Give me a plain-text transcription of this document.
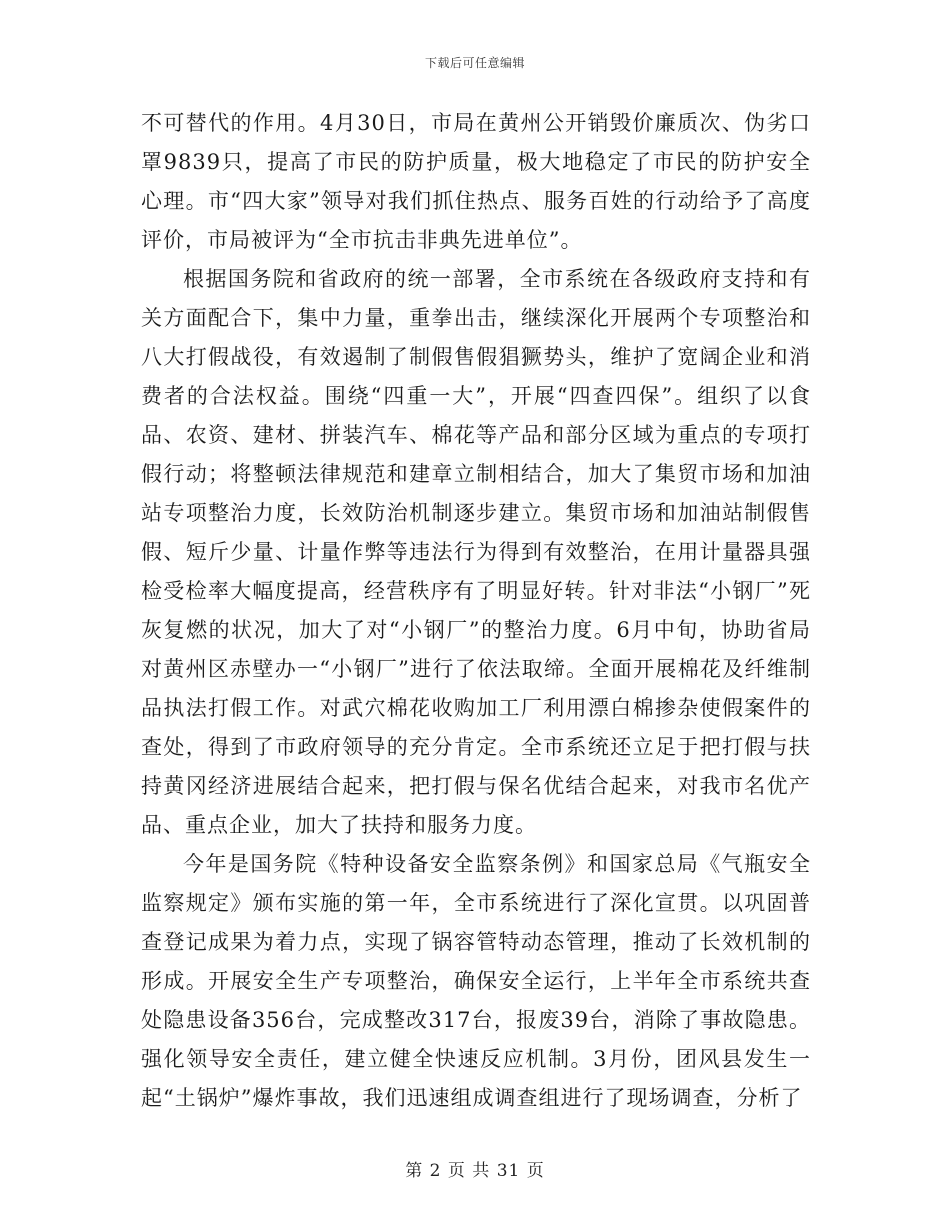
下载后可任意编辑

不可替代的作用。4月30日，市局在黄州公开销毁价廉质次、伪劣口罩9839只，提高了市民的防护质量，极大地稳定了市民的防护安全心理。市“四大家”领导对我们抓住热点、服务百姓的行动给予了高度评价，市局被评为“全市抗击非典先进单位”。

根据国务院和省政府的统一部署，全市系统在各级政府支持和有关方面配合下，集中力量，重拳出击，继续深化开展两个专项整治和八大打假战役，有效遏制了制假售假猖獗势头，维护了宽阔企业和消费者的合法权益。围绕“四重一大”，开展“四查四保”。组织了以食品、农资、建材、拼装汽车、棉花等产品和部分区域为重点的专项打假行动；将整顿法律规范和建章立制相结合，加大了集贸市场和加油站专项整治力度，长效防治机制逐步建立。集贸市场和加油站制假售假、短斤少量、计量作弊等违法行为得到有效整治，在用计量器具强检受检率大幅度提高，经营秩序有了明显好转。针对非法“小钢厂”死灰复燃的状况，加大了对“小钢厂”的整治力度。6月中旬，协助省局对黄州区赤壁办一“小钢厂”进行了依法取缔。全面开展棉花及纤维制品执法打假工作。对武穴棉花收购加工厂利用漂白棉掺杂使假案件的查处，得到了市政府领导的充分肯定。全市系统还立足于把打假与扶持黄冈经济进展结合起来，把打假与保名优结合起来，对我市名优产品、重点企业，加大了扶持和服务力度。

今年是国务院《特种设备安全监察条例》和国家总局《气瓶安全监察规定》颁布实施的第一年，全市系统进行了深化宣贯。以巩固普查登记成果为着力点，实现了锅容管特动态管理，推动了长效机制的形成。开展安全生产专项整治，确保安全运行，上半年全市系统共查处隐患设备356台，完成整改317台，报废39台，消除了事故隐患。强化领导安全责任，建立健全快速反应机制。3月份，团风县发生一起“土锅炉”爆炸事故，我们迅速组成调查组进行了现场调查，分析了

第 2 页 共 31 页
